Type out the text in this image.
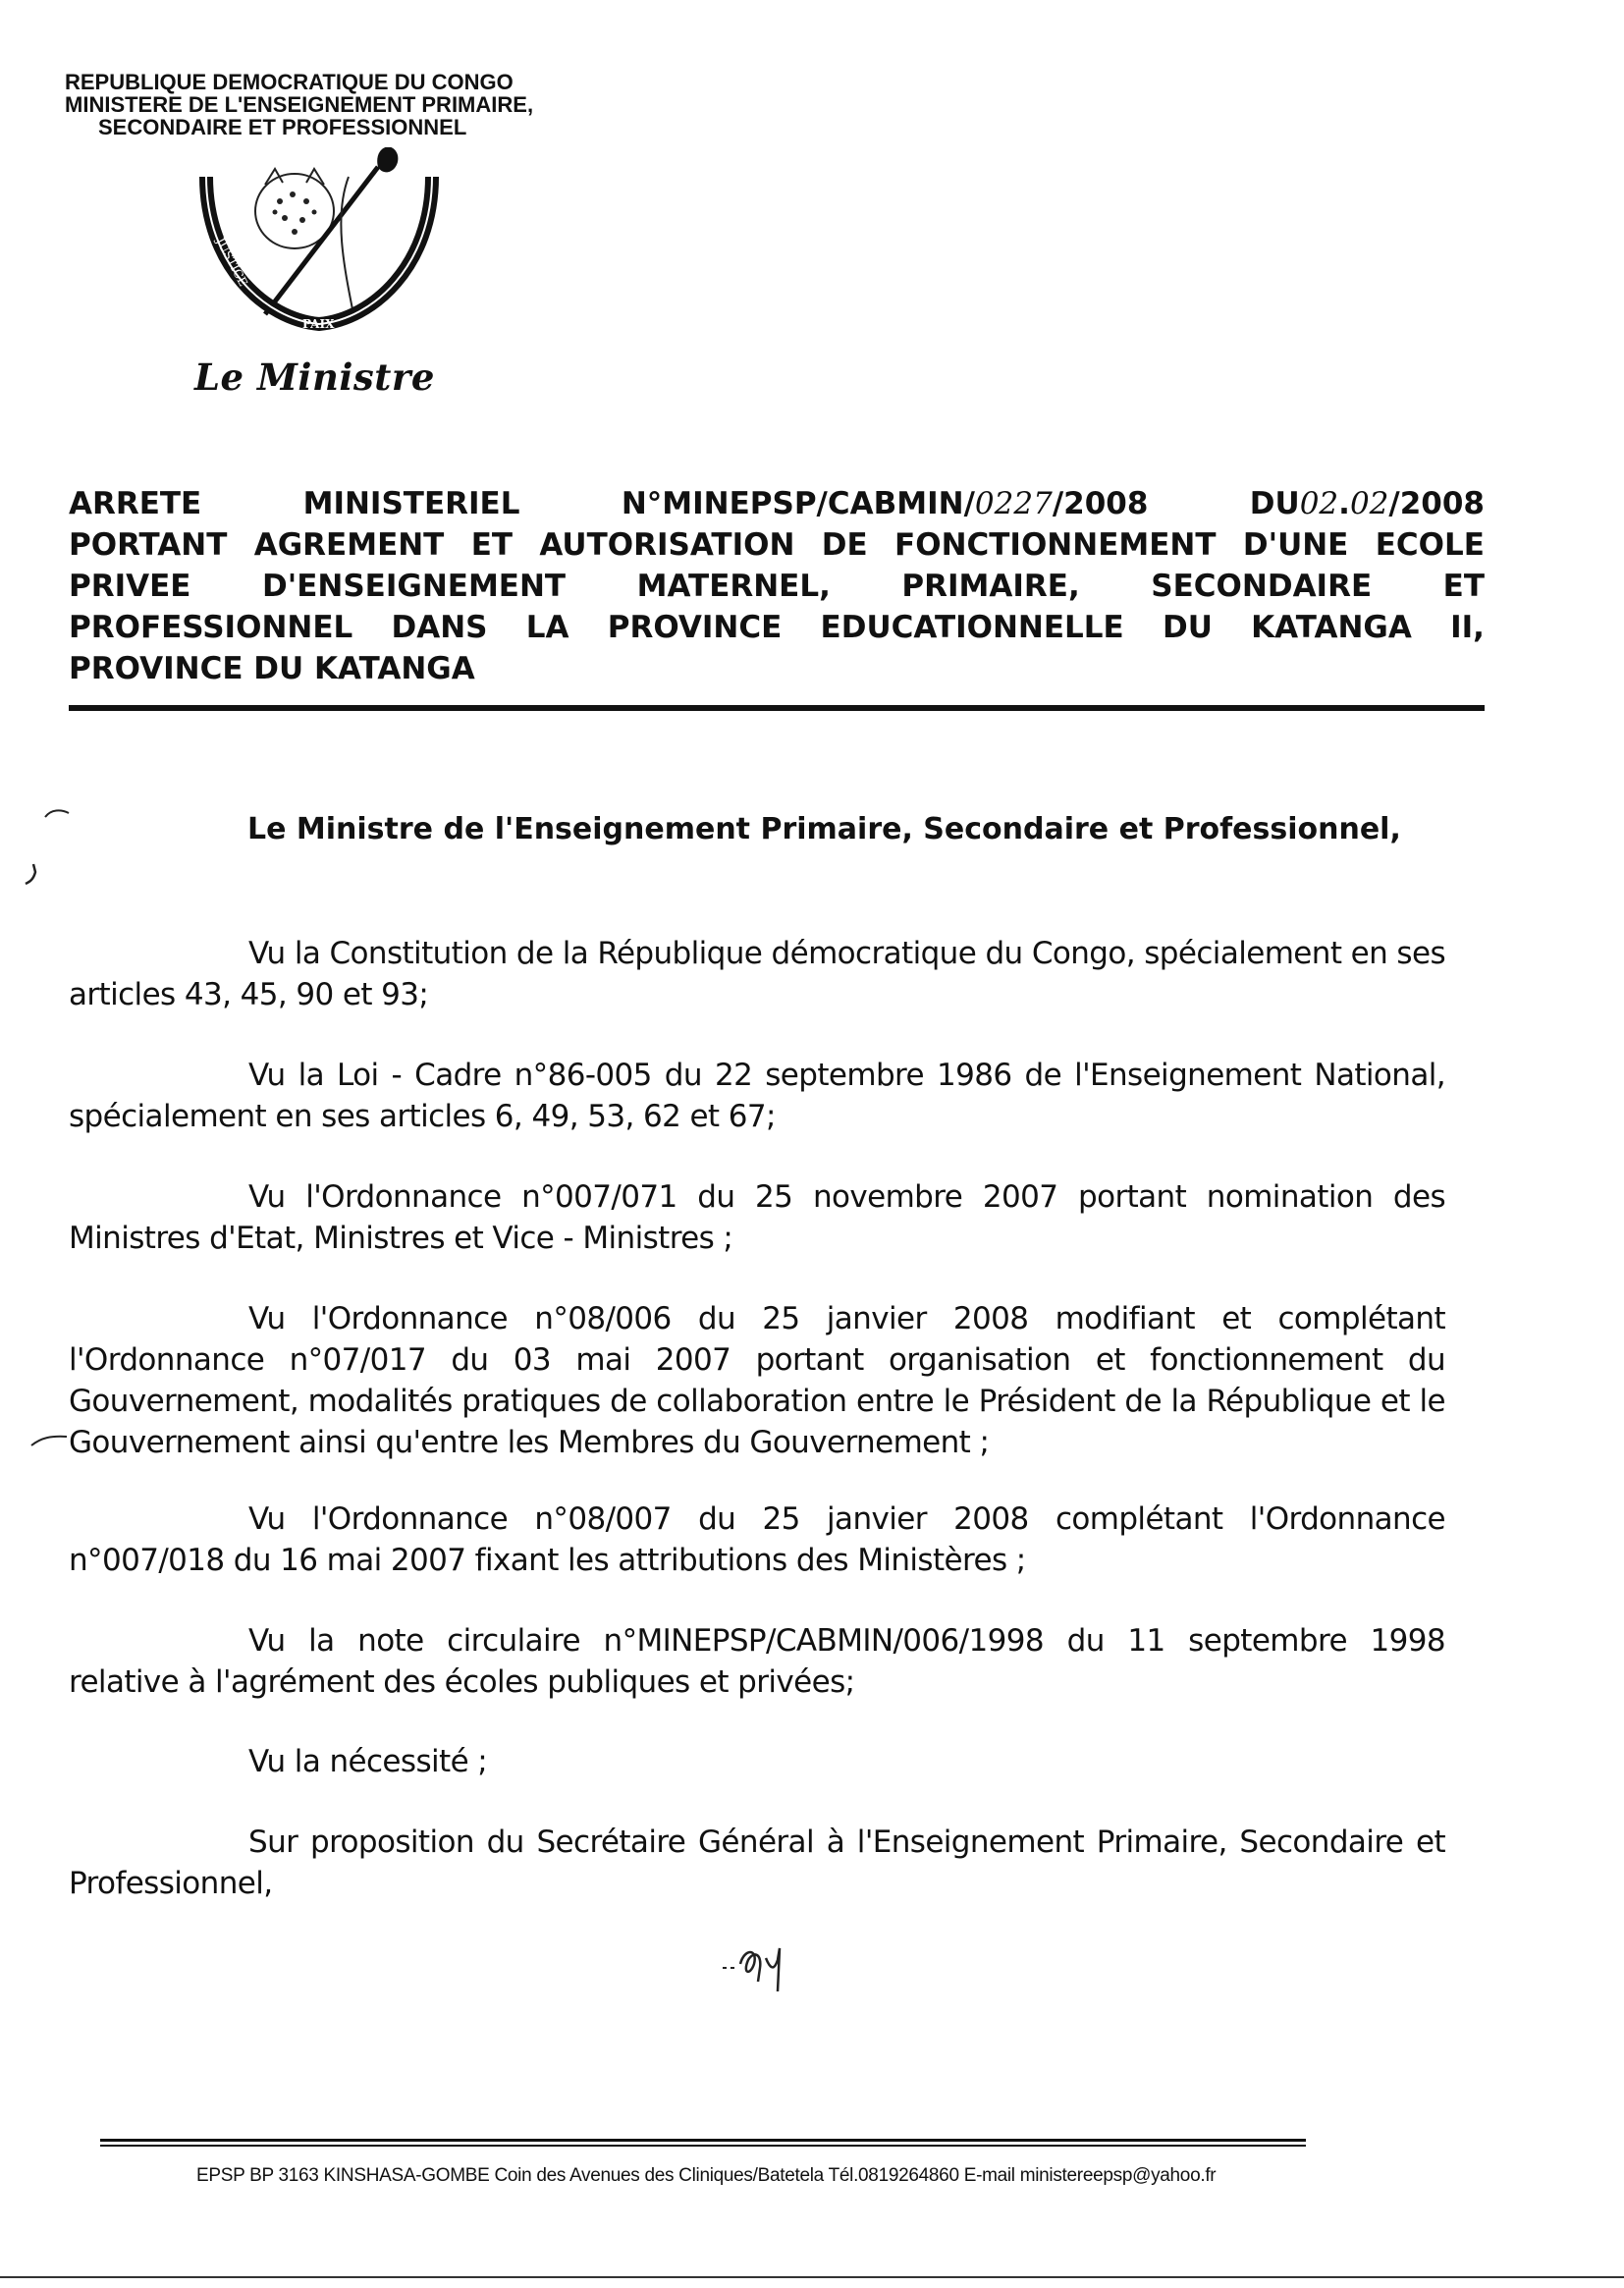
REPUBLIQUE DEMOCRATIQUE DU CONGO
MINISTERE DE L'ENSEIGNEMENT PRIMAIRE,
SECONDAIRE ET PROFESSIONNEL
JUSTICE
PAIX
TRAVAIL
Le Ministre
ARRETE	MINISTERIEL	N°MINEPSP/CABMIN/0227/2008	DU02.02/2008
PORTANT AGREMENT ET AUTORISATION DE FONCTIONNEMENT D'UNE ECOLE
PRIVEE D'ENSEIGNEMENT MATERNEL, PRIMAIRE, SECONDAIRE ET
PROFESSIONNEL DANS LA PROVINCE EDUCATIONNELLE DU KATANGA II,
PROVINCE DU KATANGA
Le Ministre de l'Enseignement Primaire, Secondaire et Professionnel,
Vu la Constitution de la République démocratique du Congo, spécialement en ses articles 43, 45, 90 et 93;
Vu la Loi - Cadre n°86-005 du 22 septembre 1986 de l'Enseignement National, spécialement en ses articles 6, 49, 53, 62 et 67;
Vu l'Ordonnance n°007/071 du 25 novembre 2007 portant nomination des Ministres d'Etat, Ministres et Vice - Ministres ;
Vu l'Ordonnance n°08/006 du 25 janvier 2008 modifiant et complétant l'Ordonnance n°07/017 du 03 mai 2007 portant organisation et fonctionnement du Gouvernement, modalités pratiques de collaboration entre le Président de la République et le Gouvernement ainsi qu'entre les Membres du Gouvernement ;
Vu l'Ordonnance n°08/007 du 25 janvier 2008 complétant l'Ordonnance n°007/018 du 16 mai 2007 fixant les attributions des Ministères ;
Vu la note circulaire n°MINEPSP/CABMIN/006/1998 du 11 septembre 1998 relative à l'agrément des écoles publiques et privées;
Vu la nécessité ;
Sur proposition du Secrétaire Général à l'Enseignement Primaire, Secondaire et Professionnel,
EPSP BP 3163 KINSHASA-GOMBE Coin des Avenues des Cliniques/Batetela Tél.0819264860 E-mail ministereepsp@yahoo.fr
